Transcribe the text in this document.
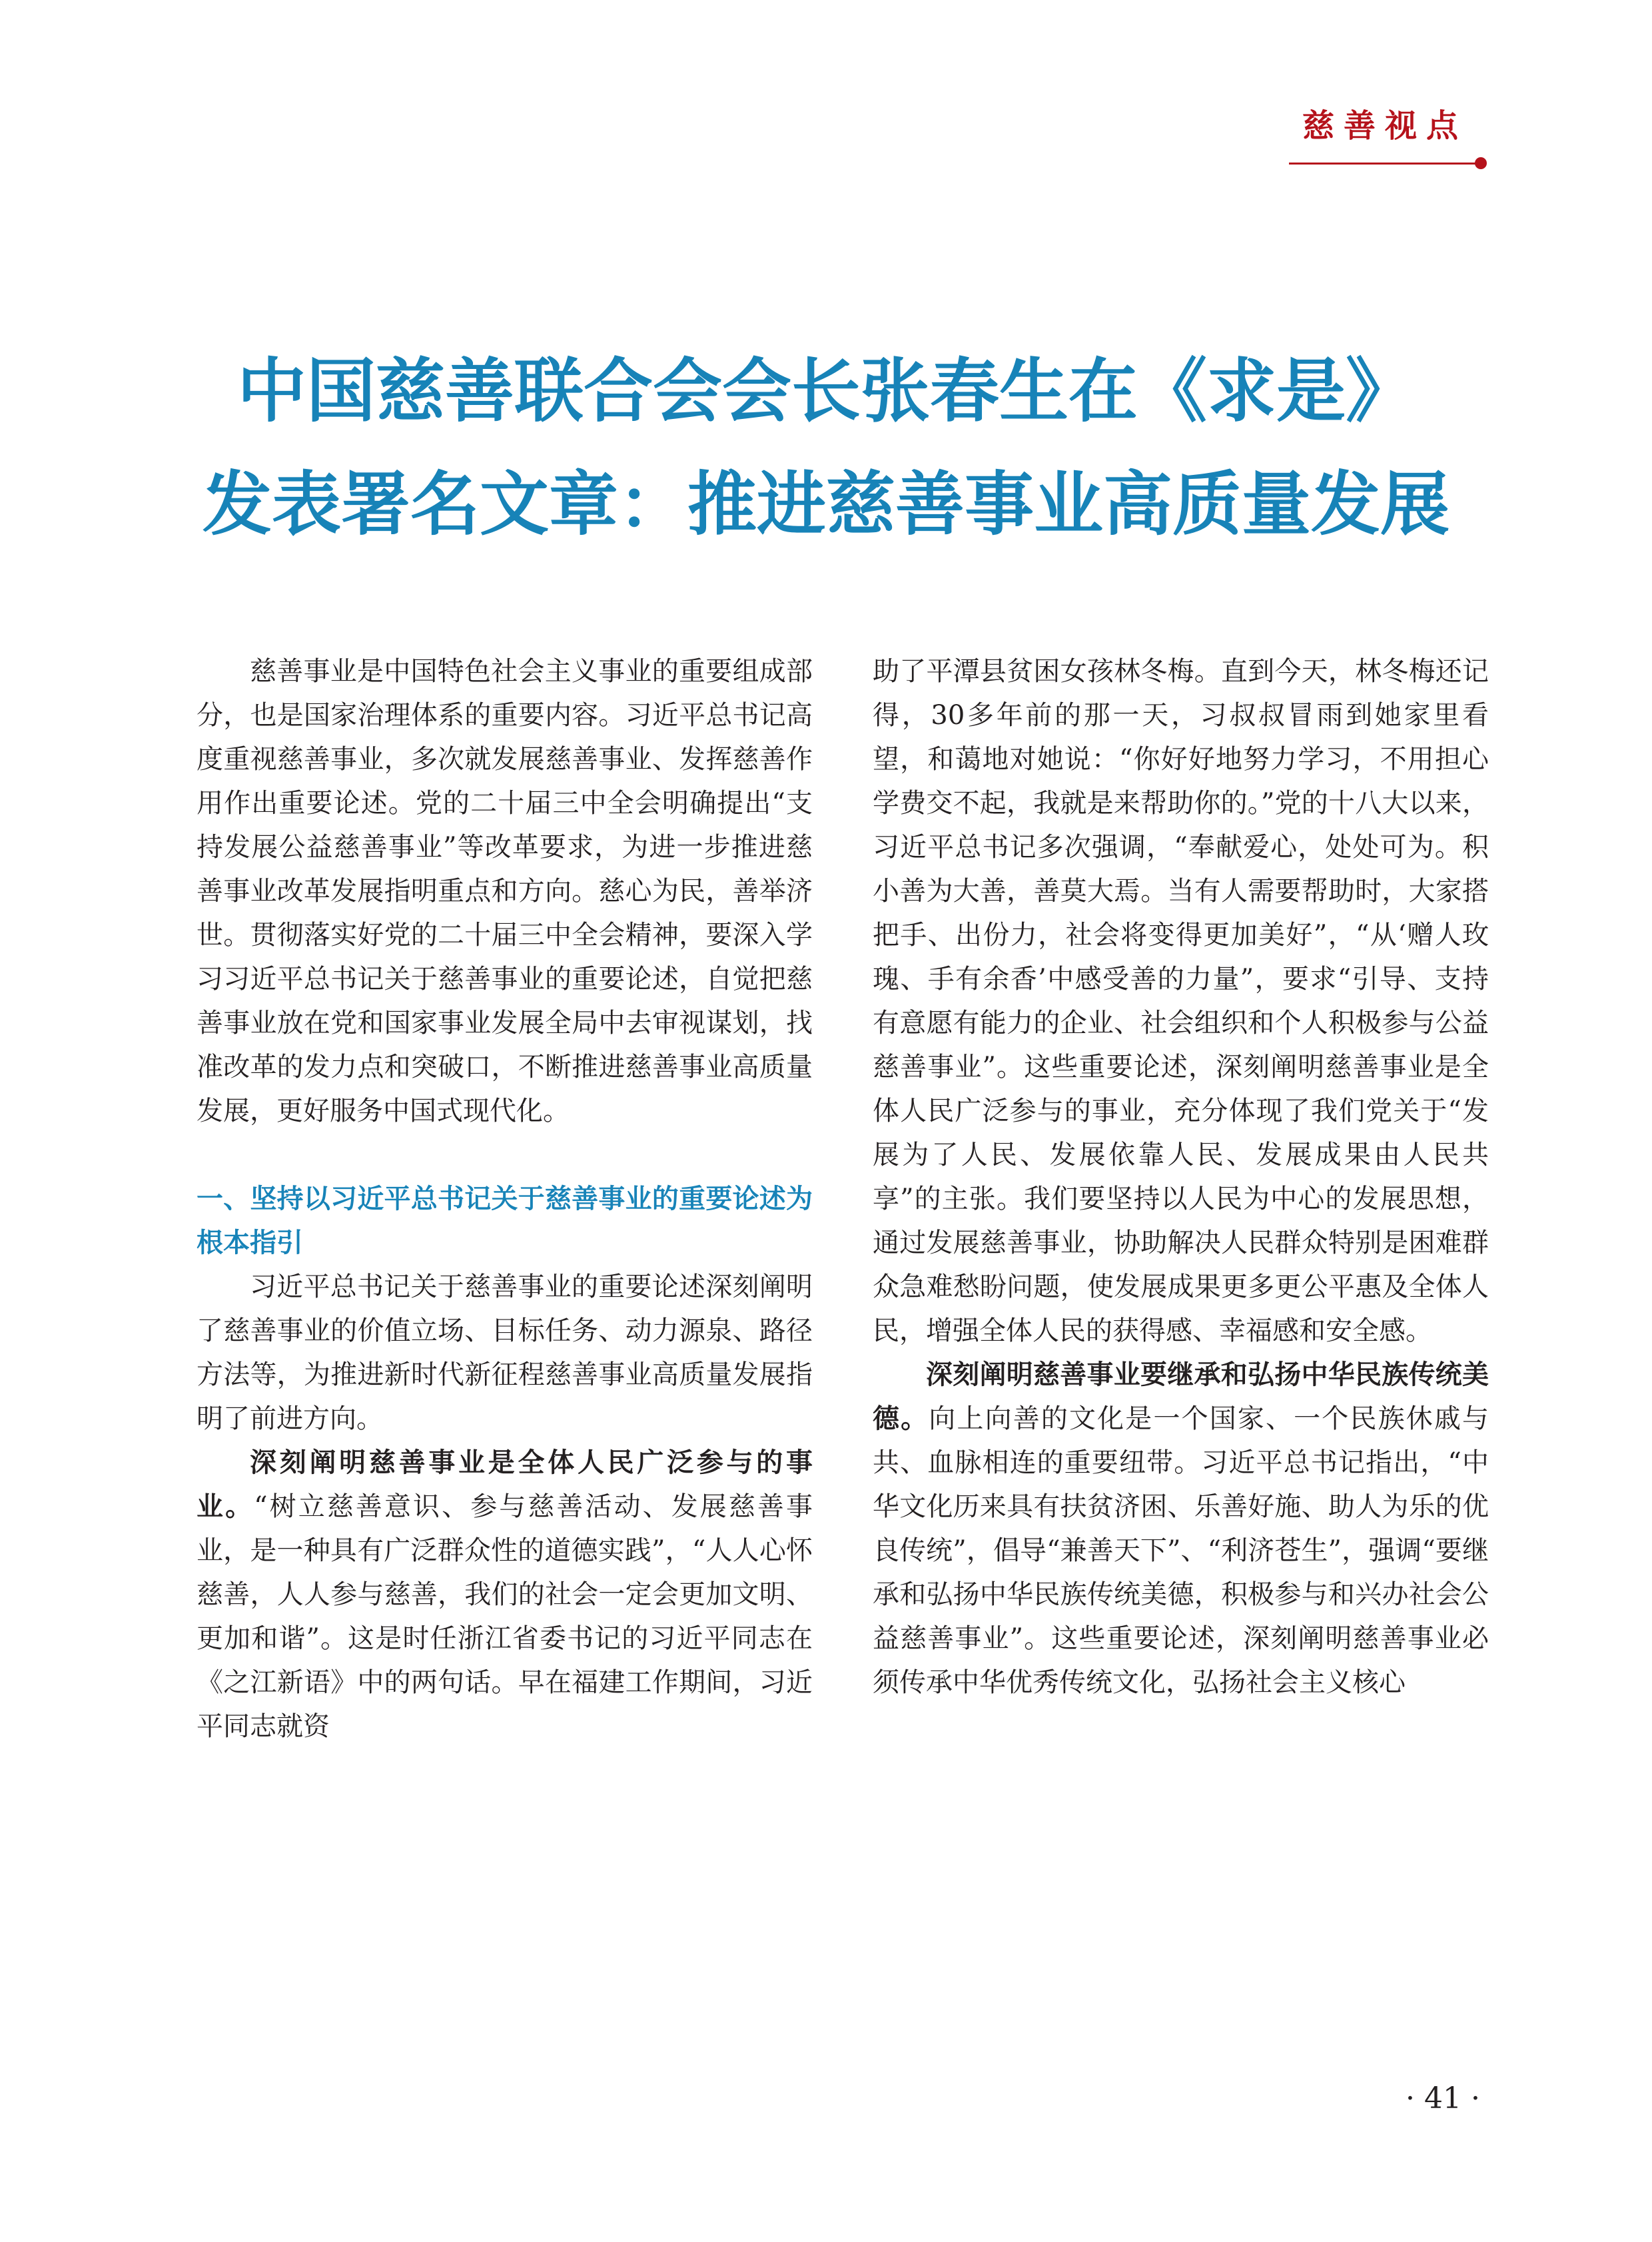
慈善视点
中国慈善联合会会长张春生在《求是》
发表署名文章：推进慈善事业高质量发展

慈善事业是中国特色社会主义事业的重要组成部分，也是国家治理体系的重要内容。习近平总书记高度重视慈善事业，多次就发展慈善事业、发挥慈善作用作出重要论述。党的二十届三中全会明确提出“支持发展公益慈善事业”等改革要求，为进一步推进慈善事业改革发展指明重点和方向。慈心为民，善举济世。贯彻落实好党的二十届三中全会精神，要深入学习习近平总书记关于慈善事业的重要论述，自觉把慈善事业放在党和国家事业发展全局中去审视谋划，找准改革的发力点和突破口，不断推进慈善事业高质量发展，更好服务中国式现代化。

一、坚持以习近平总书记关于慈善事业的重要论述为根本指引

习近平总书记关于慈善事业的重要论述深刻阐明了慈善事业的价值立场、目标任务、动力源泉、路径方法等，为推进新时代新征程慈善事业高质量发展指明了前进方向。

深刻阐明慈善事业是全体人民广泛参与的事业。“树立慈善意识、参与慈善活动、发展慈善事业，是一种具有广泛群众性的道德实践”，“人人心怀慈善，人人参与慈善，我们的社会一定会更加文明、更加和谐”。这是时任浙江省委书记的习近平同志在《之江新语》中的两句话。早在福建工作期间，习近平同志就资

助了平潭县贫困女孩林冬梅。直到今天，林冬梅还记得，30多年前的那一天，习叔叔冒雨到她家里看望，和蔼地对她说：“你好好地努力学习，不用担心学费交不起，我就是来帮助你的。”党的十八大以来，习近平总书记多次强调，“奉献爱心，处处可为。积小善为大善，善莫大焉。当有人需要帮助时，大家搭把手、出份力，社会将变得更加美好”，“从‘赠人玫瑰、手有余香’中感受善的力量”，要求“引导、支持有意愿有能力的企业、社会组织和个人积极参与公益慈善事业”。这些重要论述，深刻阐明慈善事业是全体人民广泛参与的事业，充分体现了我们党关于“发展为了人民、发展依靠人民、发展成果由人民共享”的主张。我们要坚持以人民为中心的发展思想，通过发展慈善事业，协助解决人民群众特别是困难群众急难愁盼问题，使发展成果更多更公平惠及全体人民，增强全体人民的获得感、幸福感和安全感。

深刻阐明慈善事业要继承和弘扬中华民族传统美德。向上向善的文化是一个国家、一个民族休戚与共、血脉相连的重要纽带。习近平总书记指出，“中华文化历来具有扶贫济困、乐善好施、助人为乐的优良传统”，倡导“兼善天下”、“利济苍生”，强调“要继承和弘扬中华民族传统美德，积极参与和兴办社会公益慈善事业”。这些重要论述，深刻阐明慈善事业必须传承中华优秀传统文化，弘扬社会主义核心

· 41 ·
